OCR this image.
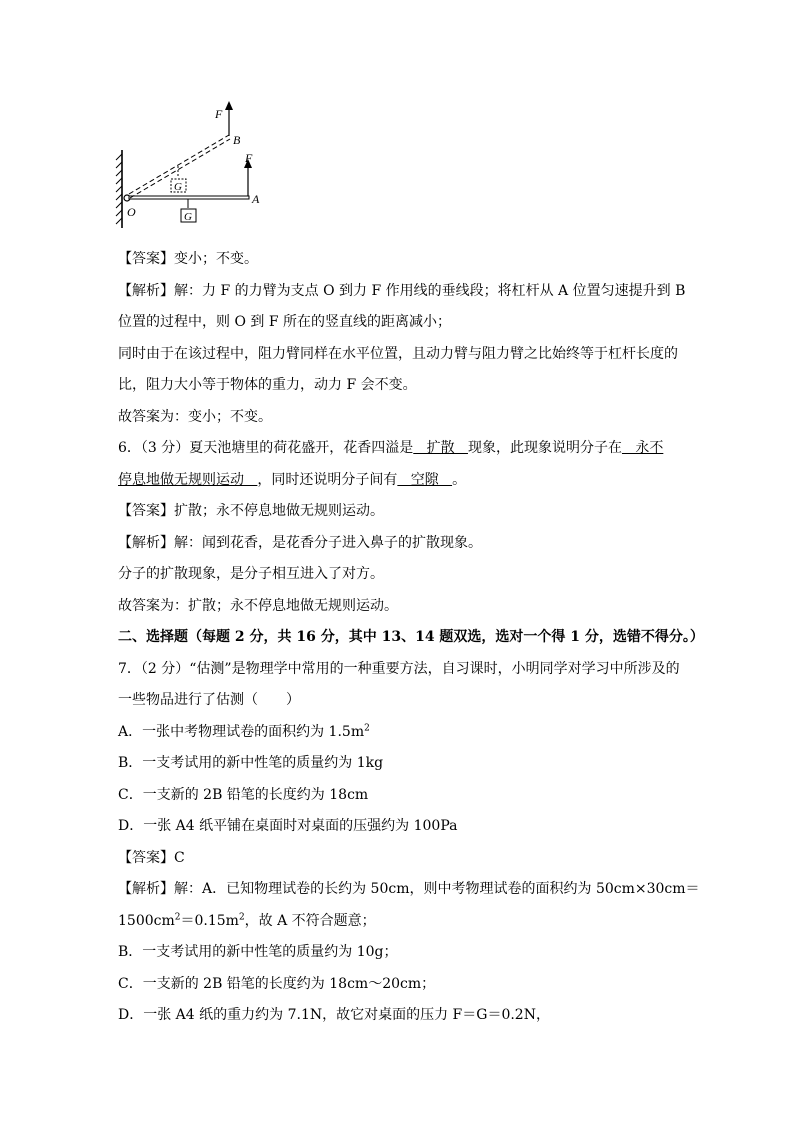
F
B
F
A
O
G
G
【答案】变小；不变。
【解析】解：力 F 的力臂为支点 O 到力 F 作用线的垂线段；将杠杆从 A 位置匀速提升到 B
位置的过程中，则 O 到 F 所在的竖直线的距离减小；
同时由于在该过程中，阻力臂同样在水平位置，且动力臂与阻力臂之比始终等于杠杆长度的
比，阻力大小等于物体的重力，动力 F 会不变。
故答案为：变小；不变。
6．（3 分）夏天池塘里的荷花盛开，花香四溢是   扩散   现象，此现象说明分子在   永不
停息地做无规则运动   ，同时还说明分子间有   空隙   。
【答案】扩散；永不停息地做无规则运动。
【解析】解：闻到花香，是花香分子进入鼻子的扩散现象。
分子的扩散现象，是分子相互进入了对方。
故答案为：扩散；永不停息地做无规则运动。
二、选择题（每题 2 分，共 16 分，其中 13、14 题双选，选对一个得 1 分，选错不得分。）
7．（2 分）“估测”是物理学中常用的一种重要方法，自习课时，小明同学对学习中所涉及的
一些物品进行了估测（　　）
A．一张中考物理试卷的面积约为 $1.5m^2$
B．一支考试用的新中性笔的质量约为 1kg
C．一支新的 2B 铅笔的长度约为 18cm
D．一张 A4 纸平铺在桌面时对桌面的压强约为 100Pa
【答案】C
【解析】解：A．已知物理试卷的长约为 50cm，则中考物理试卷的面积约为 50cm×30cm＝
$1500cm^2=0.15m^2$，故 A 不符合题意；
B．一支考试用的新中性笔的质量约为 10g；
C．一支新的 2B 铅笔的长度约为 18cm～20cm；
D．一张 A4 纸的重力约为 7.1N，故它对桌面的压力 F＝G＝0.2N，
